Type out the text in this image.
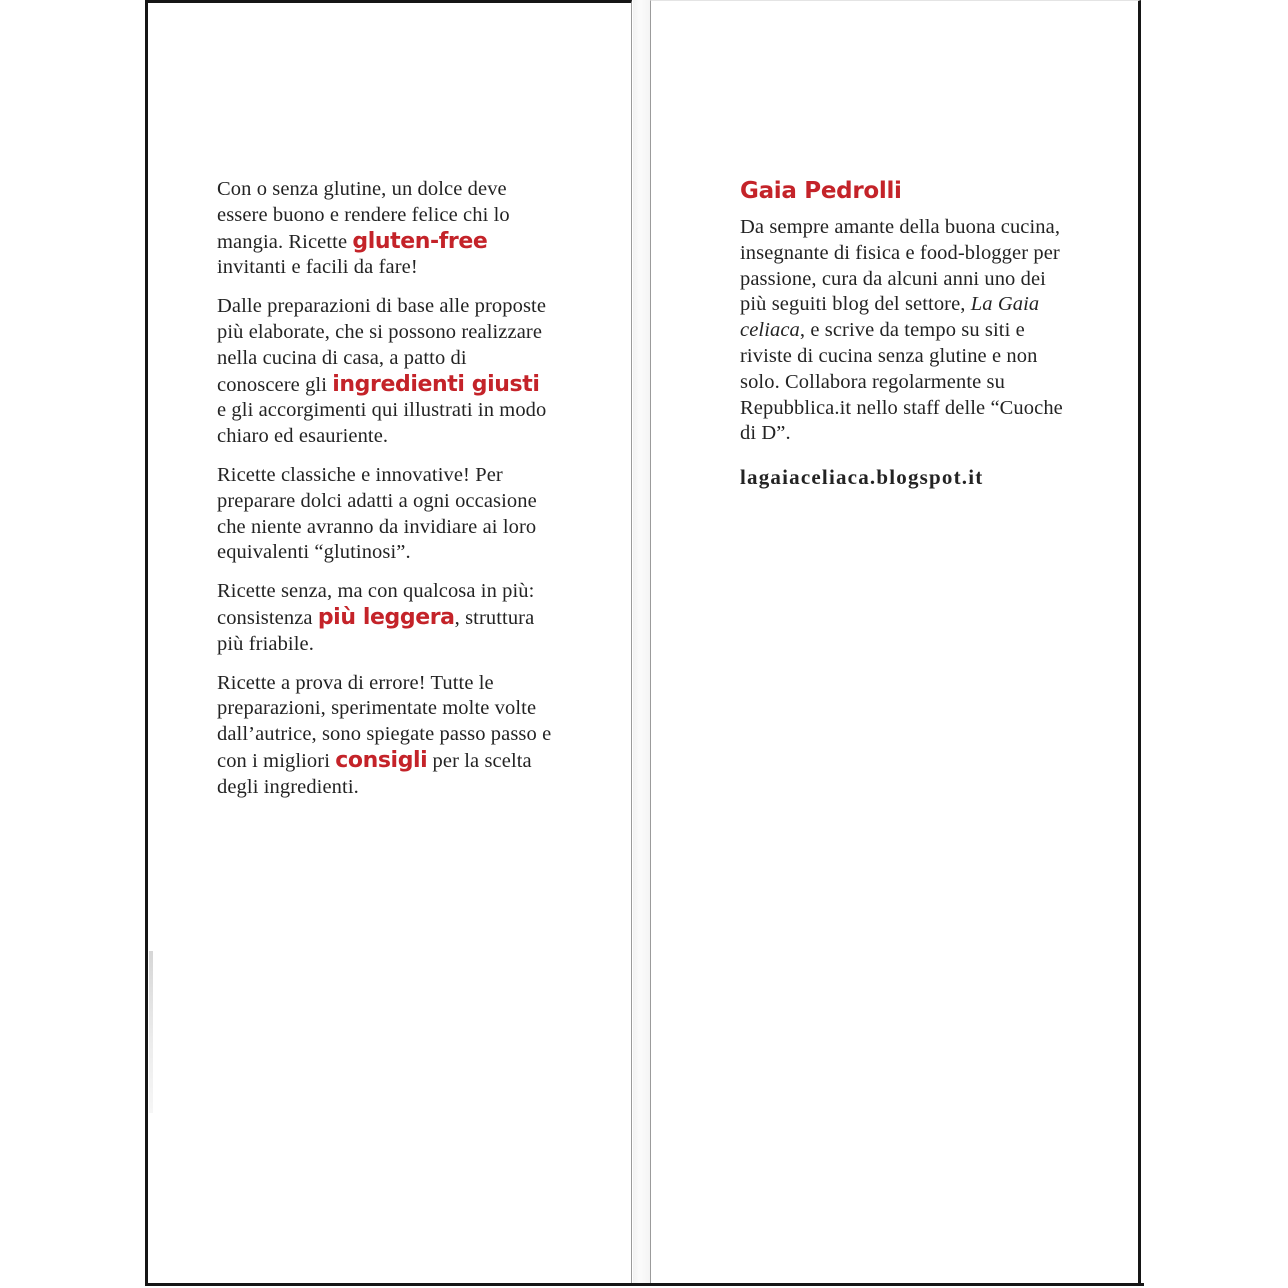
Con o senza glutine, un dolce deve essere buono e rendere felice chi lo mangia. Ricette gluten-free invitanti e facili da fare!

Dalle preparazioni di base alle proposte più elaborate, che si possono realizzare nella cucina di casa, a patto di conoscere gli ingredienti giusti e gli accorgimenti qui illustrati in modo chiaro ed esauriente.

Ricette classiche e innovative! Per preparare dolci adatti a ogni occasione che niente avranno da invidiare ai loro equivalenti “glutinosi”.

Ricette senza, ma con qualcosa in più: consistenza più leggera, struttura più friabile.

Ricette a prova di errore! Tutte le preparazioni, sperimentate molte volte dall’autrice, sono spiegate passo passo e con i migliori consigli per la scelta degli ingredienti.

Gaia Pedrolli

Da sempre amante della buona cucina, insegnante di fisica e food-blogger per passione, cura da alcuni anni uno dei più seguiti blog del settore, La Gaia celiaca, e scrive da tempo su siti e riviste di cucina senza glutine e non solo. Collabora regolarmente su Repubblica.it nello staff delle “Cuoche di D”.

lagaiaceliaca.blogspot.it
